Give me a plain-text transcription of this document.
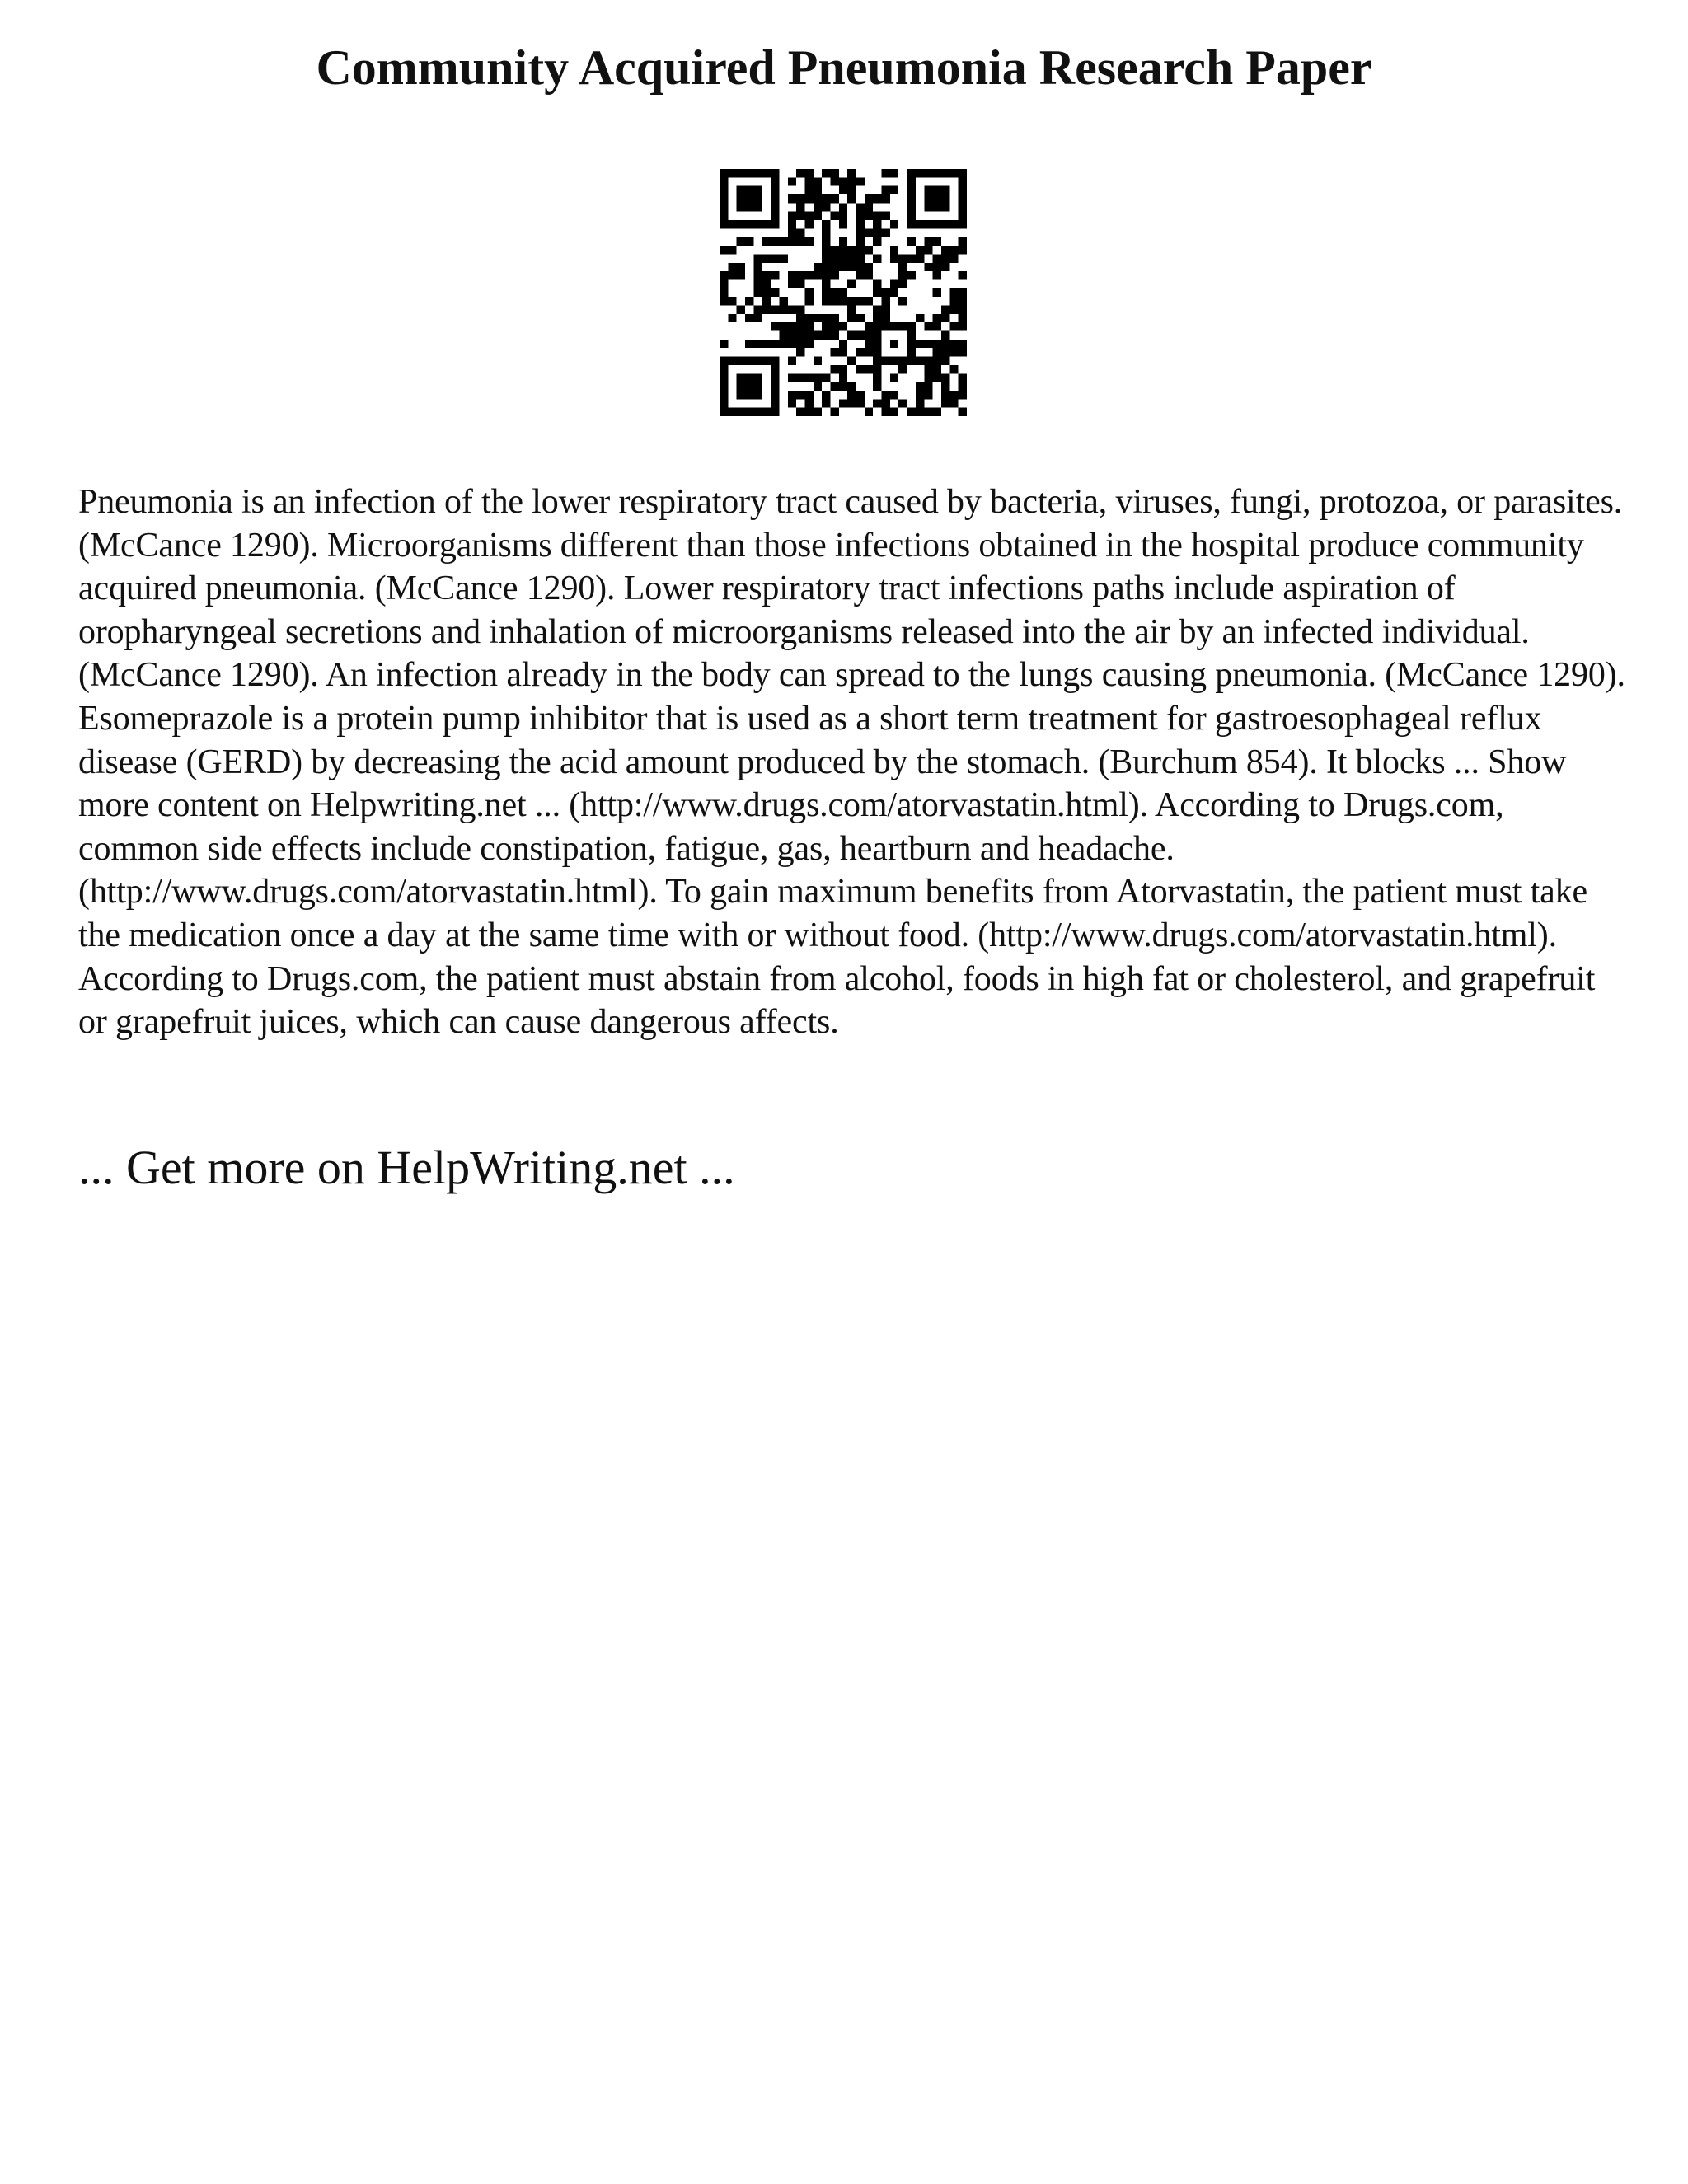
Community Acquired Pneumonia Research Paper

Pneumonia is an infection of the lower respiratory tract caused by bacteria, viruses, fungi, protozoa, or parasites. (McCance 1290). Microorganisms different than those infections obtained in the hospital produce community acquired pneumonia. (McCance 1290). Lower respiratory tract infections paths include aspiration of oropharyngeal secretions and inhalation of microorganisms released into the air by an infected individual. (McCance 1290). An infection already in the body can spread to the lungs causing pneumonia. (McCance 1290). Esomeprazole is a protein pump inhibitor that is used as a short term treatment for gastroesophageal reflux disease (GERD) by decreasing the acid amount produced by the stomach. (Burchum 854). It blocks ... Show more content on Helpwriting.net ... (http://www.drugs.com/atorvastatin.html). According to Drugs.com, common side effects include constipation, fatigue, gas, heartburn and headache. (http://www.drugs.com/atorvastatin.html). To gain maximum benefits from Atorvastatin, the patient must take the medication once a day at the same time with or without food. (http://www.drugs.com/atorvastatin.html). According to Drugs.com, the patient must abstain from alcohol, foods in high fat or cholesterol, and grapefruit or grapefruit juices, which can cause dangerous affects.

... Get more on HelpWriting.net ...
